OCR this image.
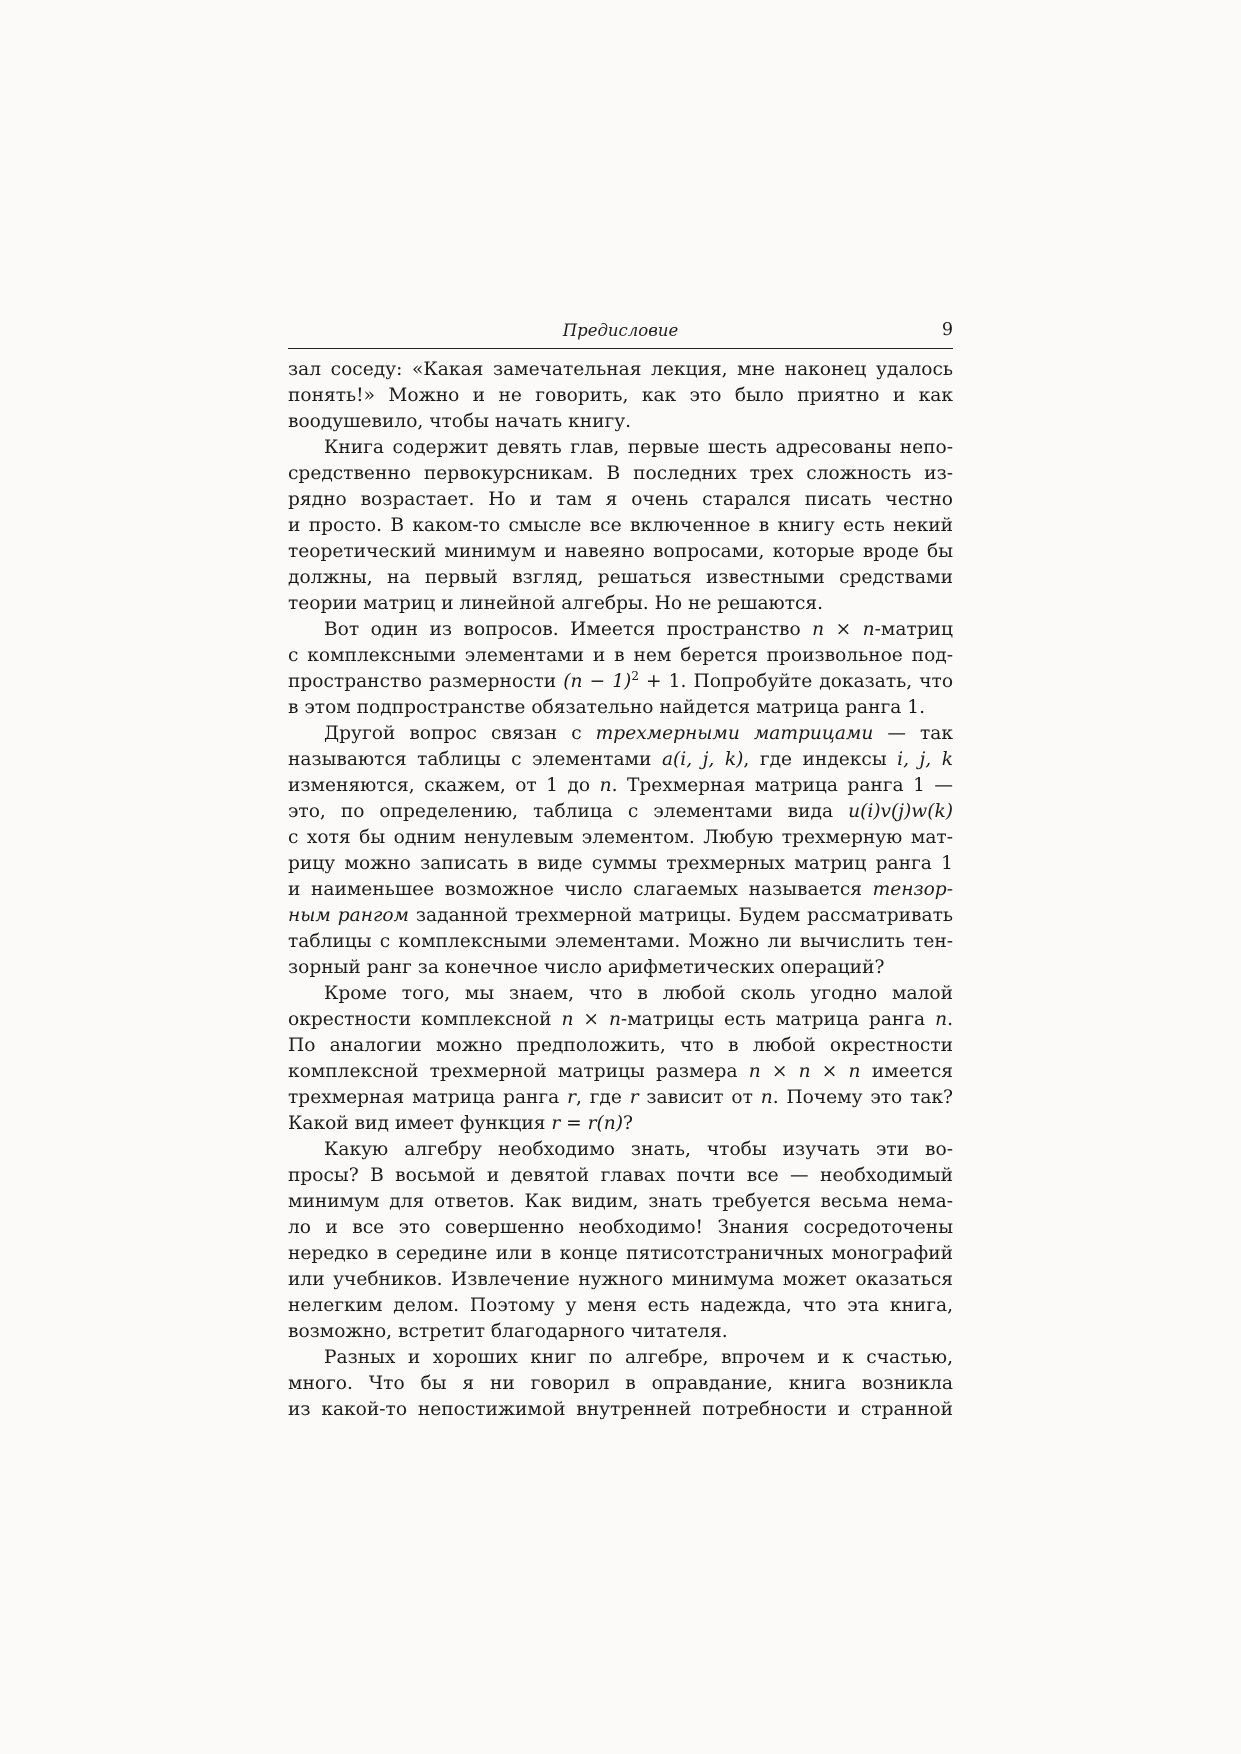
Предисловие	9
зал соседу: «Какая замечательная лекция, мне наконец удалось
понять!» Можно и не говорить, как это было приятно и как
воодушевило, чтобы начать книгу.
Книга содержит девять глав, первые шесть адресованы непо-
средственно первокурсникам. В последних трех сложность из-
рядно возрастает. Но и там я очень старался писать честно
и просто. В каком-то смысле все включенное в книгу есть некий
теоретический минимум и навеяно вопросами, которые вроде бы
должны, на первый взгляд, решаться известными средствами
теории матриц и линейной алгебры. Но не решаются.
Вот один из вопросов. Имеется пространство n × n-матриц
с комплексными элементами и в нем берется произвольное под-
пространство размерности $(n - 1)^2 + 1$. Попробуйте доказать, что
в этом подпространстве обязательно найдется матрица ранга 1.
Другой вопрос связан с трехмерными матрицами — так
называются таблицы с элементами a(i, j, k), где индексы i, j, k
изменяются, скажем, от 1 до n. Трехмерная матрица ранга 1 —
это, по определению, таблица с элементами вида u(i)v(j)w(k)
с хотя бы одним ненулевым элементом. Любую трехмерную мат-
рицу можно записать в виде суммы трехмерных матриц ранга 1
и наименьшее возможное число слагаемых называется тензор-
ным рангом заданной трехмерной матрицы. Будем рассматривать
таблицы с комплексными элементами. Можно ли вычислить тен-
зорный ранг за конечное число арифметических операций?
Кроме того, мы знаем, что в любой сколь угодно малой
окрестности комплексной n × n-матрицы есть матрица ранга n.
По аналогии можно предположить, что в любой окрестности
комплексной трехмерной матрицы размера n × n × n имеется
трехмерная матрица ранга r, где r зависит от n. Почему это так?
Какой вид имеет функция r = r(n)?
Какую алгебру необходимо знать, чтобы изучать эти во-
просы? В восьмой и девятой главах почти все — необходимый
минимум для ответов. Как видим, знать требуется весьма нема-
ло и все это совершенно необходимо! Знания сосредоточены
нередко в середине или в конце пятисотстраничных монографий
или учебников. Извлечение нужного минимума может оказаться
нелегким делом. Поэтому у меня есть надежда, что эта книга,
возможно, встретит благодарного читателя.
Разных и хороших книг по алгебре, впрочем и к счастью,
много. Что бы я ни говорил в оправдание, книга возникла
из какой-то непостижимой внутренней потребности и странной
